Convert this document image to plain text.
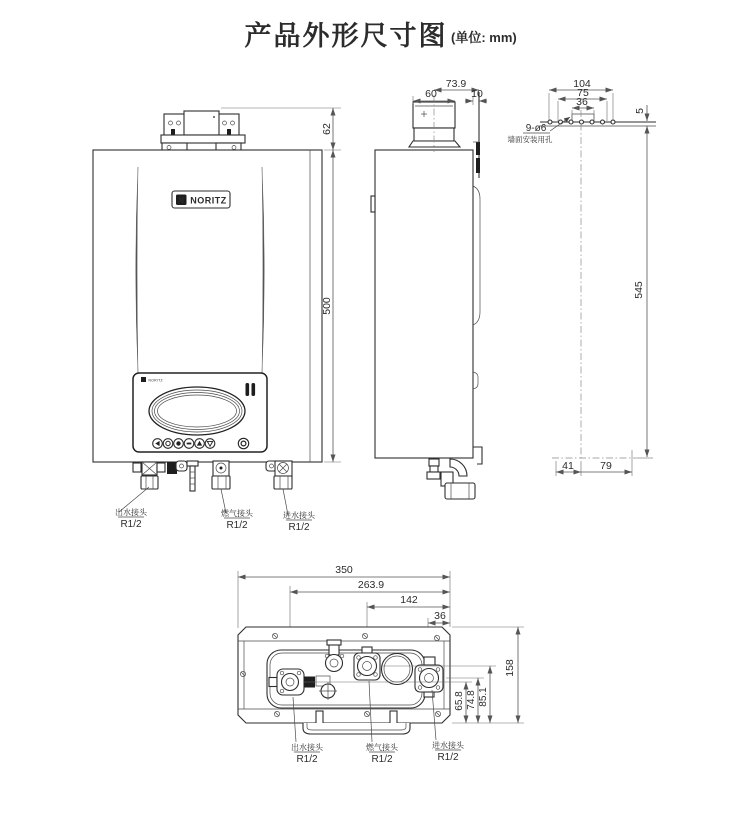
产品外形尺寸图 (单位: mm)
N NORITZ
NORITZ
出水接头
R1/2
燃气接头
R1/2
进水接头
R1/2
62
500
73.9
60	10
104
75
36
5
545
41	79
9-ø6
墙面安装用孔
350
263.9
142
36
65.8 74.8 85.1
158
出水接头
R1/2
燃气接头
R1/2
进水接头
R1/2
